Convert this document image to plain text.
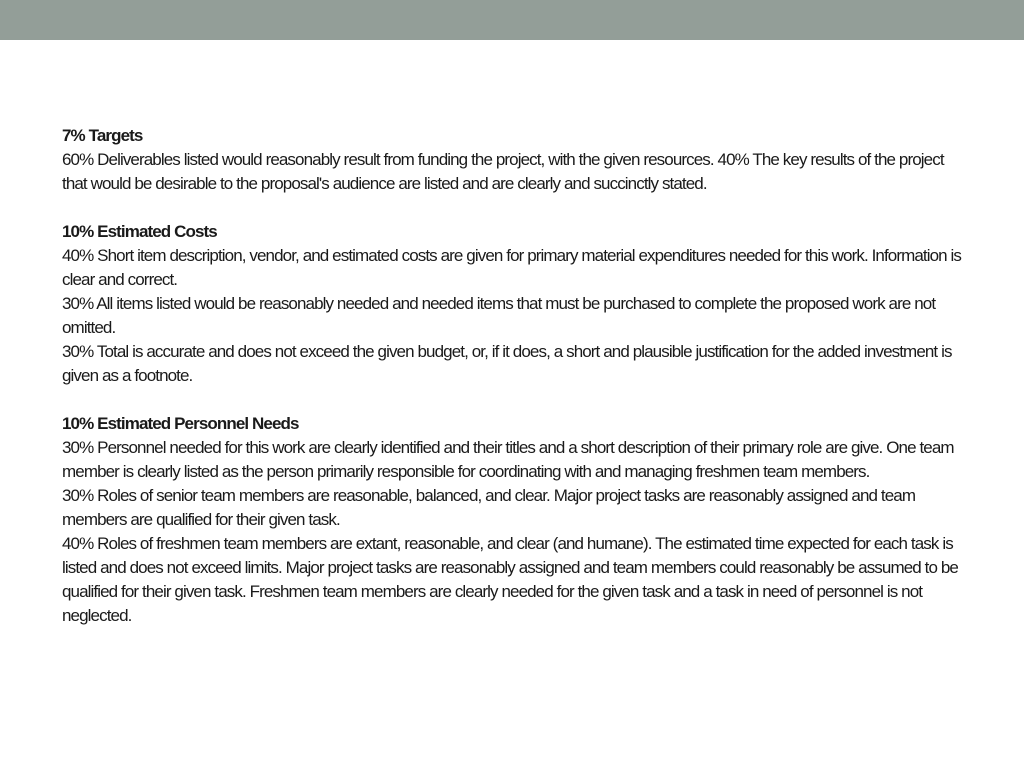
7% Targets
60% Deliverables listed would reasonably result from funding the project, with the given resources. 40% The key results of the project that would be desirable to the proposal's audience are listed and are clearly and succinctly stated.
10% Estimated Costs
40% Short item description, vendor, and estimated costs are given for primary material expenditures needed for this work. Information is clear and correct.
30% All items listed would be reasonably needed and needed items that must be purchased to complete the proposed work are not omitted.
30% Total is accurate and does not exceed the given budget, or, if it does, a short and plausible justification for the added investment is given as a footnote.
10% Estimated Personnel Needs
30% Personnel needed for this work are clearly identified and their titles and a short description of their primary role are give. One team member is clearly listed as the person primarily responsible for coordinating with and managing freshmen team members.
30% Roles of senior team members are reasonable, balanced, and clear. Major project tasks are reasonably assigned and team members are qualified for their given task.
40% Roles of freshmen team members are extant, reasonable, and clear (and humane). The estimated time expected for each task is listed and does not exceed limits. Major project tasks are reasonably assigned and team members could reasonably be assumed to be qualified for their given task. Freshmen team members are clearly needed for the given task and a task in need of personnel is not neglected.
